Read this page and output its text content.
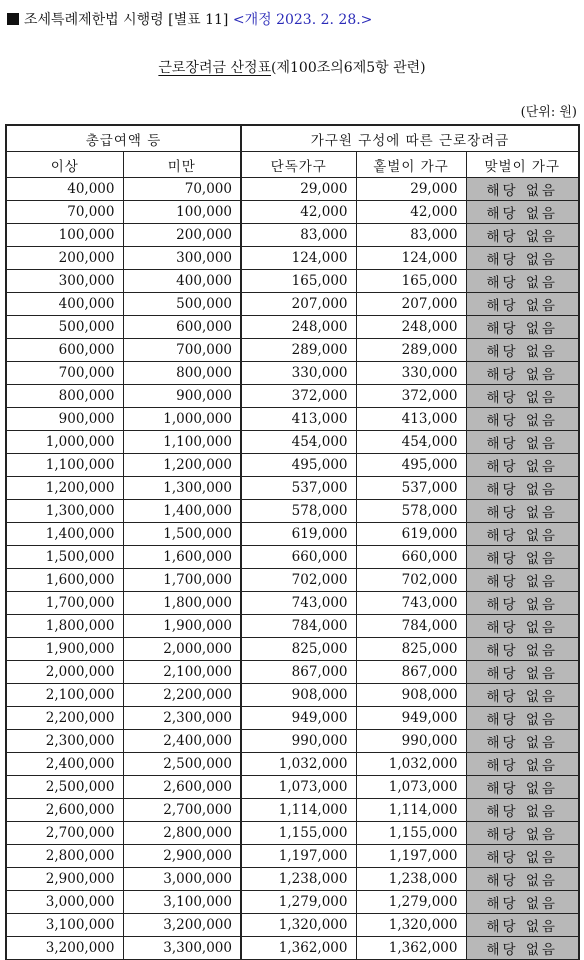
조세특례제한법 시행령 [별표 11] <개정 2023. 2. 28.>
근로장려금 산정표(제100조의6제5항 관련)
(단위: 원)
총급여액 등		가구원 구성에 따른 근로장려금		
이상	미만	단독가구	홑벌이 가구	맞벌이 가구
40,000	70,000	29,000	29,000	해당 없음
70,000	100,000	42,000	42,000	해당 없음
100,000	200,000	83,000	83,000	해당 없음
200,000	300,000	124,000	124,000	해당 없음
300,000	400,000	165,000	165,000	해당 없음
400,000	500,000	207,000	207,000	해당 없음
500,000	600,000	248,000	248,000	해당 없음
600,000	700,000	289,000	289,000	해당 없음
700,000	800,000	330,000	330,000	해당 없음
800,000	900,000	372,000	372,000	해당 없음
900,000	1,000,000	413,000	413,000	해당 없음
1,000,000	1,100,000	454,000	454,000	해당 없음
1,100,000	1,200,000	495,000	495,000	해당 없음
1,200,000	1,300,000	537,000	537,000	해당 없음
1,300,000	1,400,000	578,000	578,000	해당 없음
1,400,000	1,500,000	619,000	619,000	해당 없음
1,500,000	1,600,000	660,000	660,000	해당 없음
1,600,000	1,700,000	702,000	702,000	해당 없음
1,700,000	1,800,000	743,000	743,000	해당 없음
1,800,000	1,900,000	784,000	784,000	해당 없음
1,900,000	2,000,000	825,000	825,000	해당 없음
2,000,000	2,100,000	867,000	867,000	해당 없음
2,100,000	2,200,000	908,000	908,000	해당 없음
2,200,000	2,300,000	949,000	949,000	해당 없음
2,300,000	2,400,000	990,000	990,000	해당 없음
2,400,000	2,500,000	1,032,000	1,032,000	해당 없음
2,500,000	2,600,000	1,073,000	1,073,000	해당 없음
2,600,000	2,700,000	1,114,000	1,114,000	해당 없음
2,700,000	2,800,000	1,155,000	1,155,000	해당 없음
2,800,000	2,900,000	1,197,000	1,197,000	해당 없음
2,900,000	3,000,000	1,238,000	1,238,000	해당 없음
3,000,000	3,100,000	1,279,000	1,279,000	해당 없음
3,100,000	3,200,000	1,320,000	1,320,000	해당 없음
3,200,000	3,300,000	1,362,000	1,362,000	해당 없음
